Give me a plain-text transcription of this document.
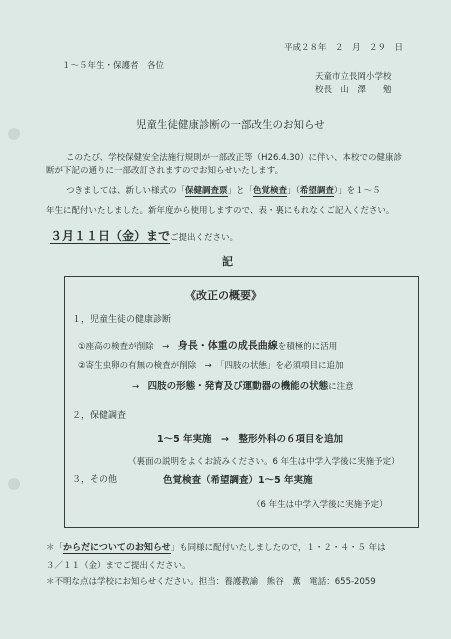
平成２８年　２　月　２９　日
１～５年生・保護者　各位
天童市立長岡小学校
校長　山　澤　　勉
児童生徒健康診断の一部改生のお知らせ
このたび、学校保健安全法施行規則が一部改正等（H26.4.30）に伴い、本校での健康診
断が下記の通りに一部改訂されますのでお知らせいたします。
つきましては、新しい様式の「保健調査票」と「色覚検査」（希望調査）」を１～５
年生に配付いたしました。新年度から使用しますので、表・裏にもれなくご記入ください。
３月１１日（金）までご提出ください。
記
《改正の概要》
１，児童生徒の健康診断
①座高の検査が削除　→　身長・体重の成長曲線を積極的に活用
②寄生虫卵の有無の検査が削除　→　「四肢の状態」を必須項目に追加
→　四肢の形態・発育及び運動器の機能の状態に注意
２，保健調査
1～5 年実施　→　整形外科の６項目を追加
（裏面の説明をよくお読みください。6 年生は中学入学後に実施予定）
３，その他	色覚検査（希望調査）1～5 年実施
（6 年生は中学入学後に実施予定）
＊「からだについてのお知らせ」も同様に配付いたしましたので，１・２・４・５ 年は
３／１１（金）までご提出ください。
＊不明な点は学校にお知らせください。担当：養護教諭　熊谷　薫　電話：655-2059
